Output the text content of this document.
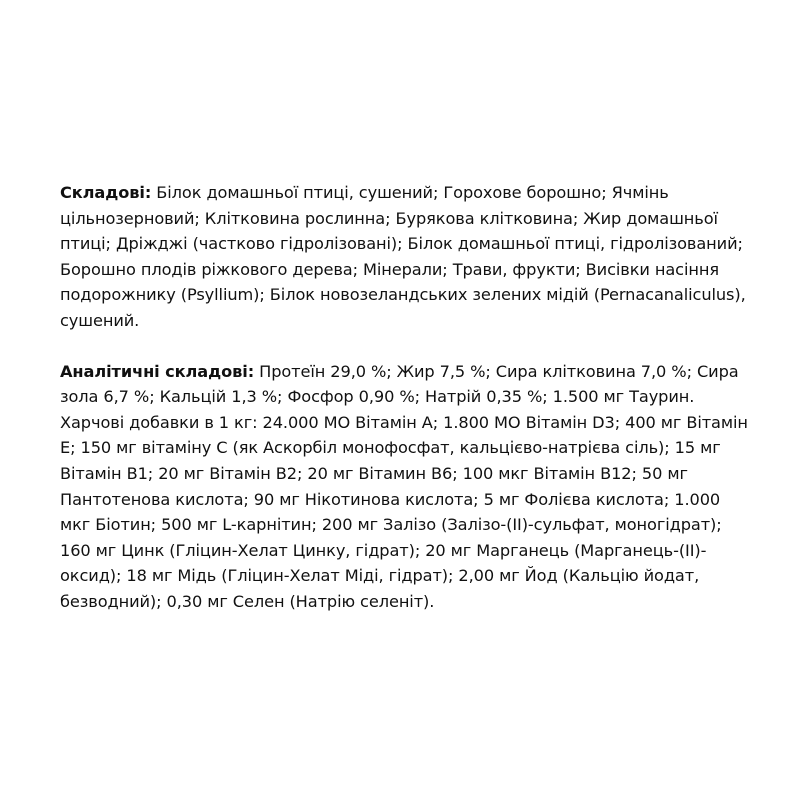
Складові: Білок домашньої птиці, сушений; Горохове борошно; Ячмінь цільнозерновий; Клітковина рослинна; Бурякова клітковина; Жир домашньої птиці; Дріжджі (частково гідролізовані); Білок домашньої птиці, гідролізований; Борошно плодів ріжкового дерева; Мінерали; Трави, фрукти; Висівки насіння подорожнику (Psyllium); Білок новозеландських зелених мідій (Pernacanaliculus), сушений.

Аналітичні складові: Протеїн 29,0 %; Жир 7,5 %; Сира клітковина 7,0 %; Сира зола 6,7 %; Кальцій 1,3 %; Фосфор 0,90 %; Натрій 0,35 %; 1.500 мг Таурин. Харчові добавки в 1 кг: 24.000 МО Вітамін А; 1.800 МО Вітамін D3; 400 мг Вітамін Е; 150 мг вітаміну С (як Аскорбіл монофосфат, кальцієво-натрієва сіль); 15 мг Вітамін В1; 20 мг Вітамін В2; 20 мг Вітамин В6; 100 мкг Вітамін В12; 50 мг Пантотенова кислота; 90 мг Нікотинова кислота; 5 мг Фолієва кислота; 1.000 мкг Біотин; 500 мг L-карнітин; 200 мг Залізо (Залізо-(II)-сульфат, моногідрат); 160 мг Цинк (Гліцин-Хелат Цинку, гідрат); 20 мг Марганець (Марганець-(II)-оксид); 18 мг Мідь (Гліцин-Хелат Міді, гідрат); 2,00 мг Йод (Кальцію йодат, безводний); 0,30 мг Селен (Натрію селеніт).
